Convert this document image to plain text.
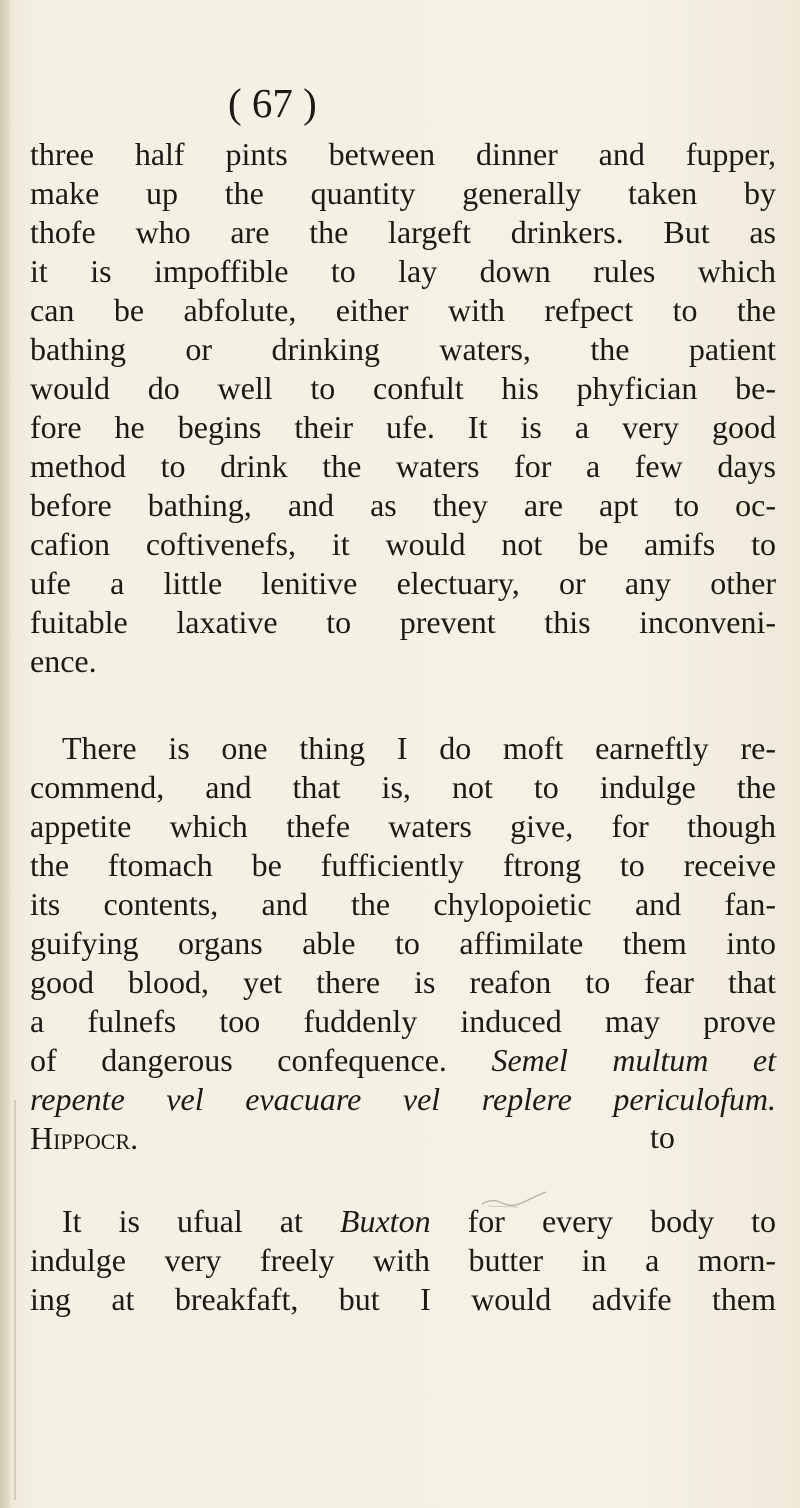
( 67 )
three half pints between dinner and fupper,
make up the quantity generally taken by
thofe who are the largeft drinkers. But as
it is impoffible to lay down rules which
can be abfolute, either with refpect to the
bathing or drinking waters, the patient
would do well to confult his phyfician be-
fore he begins their ufe. It is a very good
method to drink the waters for a few days
before bathing, and as they are apt to oc-
cafion coftivenefs, it would not be amifs to
ufe a little lenitive electuary, or any other
fuitable laxative to prevent this inconveni-
ence.
There is one thing I do moft earneftly re-
commend, and that is, not to indulge the
appetite which thefe waters give, for though
the ftomach be fufficiently ftrong to receive
its contents, and the chylopoietic and fan-
guifying organs able to affimilate them into
good blood, yet there is reafon to fear that
a fulnefs too fuddenly induced may prove
of dangerous confequence. Semel multum et
repente vel evacuare vel replere periculofum.
Hippocr.
It is ufual at Buxton for every body to
indulge very freely with butter in a morn-
ing at breakfaft, but I would advife them
to
